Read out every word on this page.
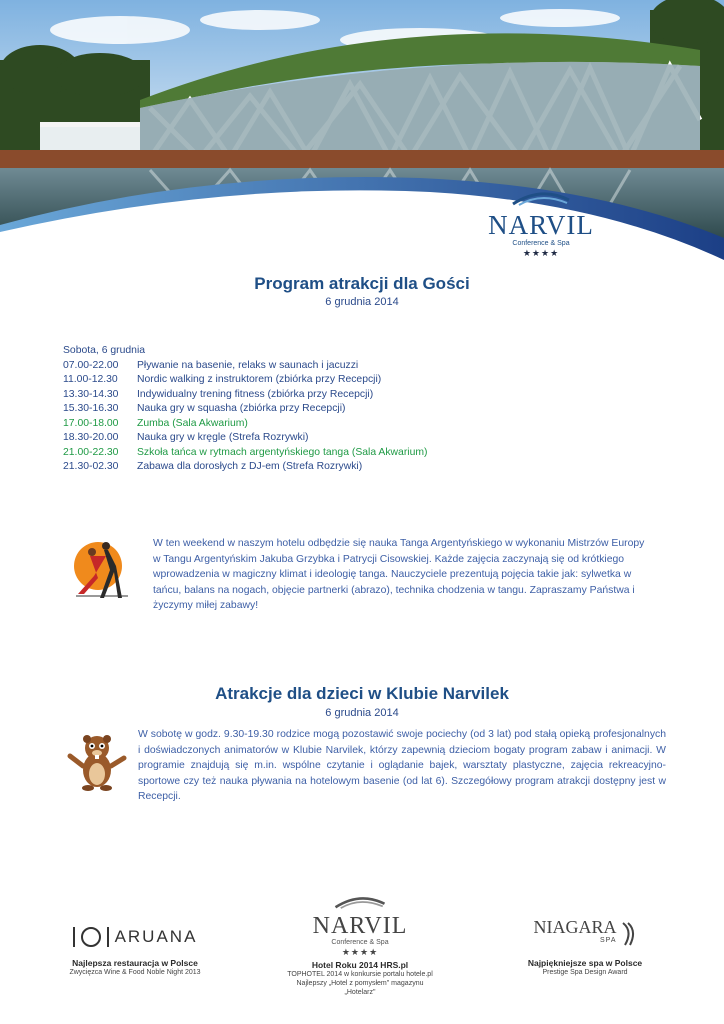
NARVIL
Conference & Spa
★★★★
Program atrakcji dla Gości
6 grudnia 2014
Sobota, 6 grudnia
07.00-22.00	Pływanie na basenie, relaks w saunach i jacuzzi
11.00-12.30	Nordic walking z instruktorem (zbiórka przy Recepcji)
13.30-14.30	Indywidualny trening fitness (zbiórka przy Recepcji)
15.30-16.30	Nauka gry w squasha (zbiórka przy Recepcji)
17.00-18.00	Zumba (Sala Akwarium)
18.30-20.00	Nauka gry w kręgle (Strefa Rozrywki)
21.00-22.30	Szkoła tańca w rytmach argentyńskiego tanga (Sala Akwarium)
21.30-02.30	Zabawa dla dorosłych z DJ-em (Strefa Rozrywki)
W ten weekend w naszym hotelu odbędzie się nauka Tanga Argentyńskiego w wykonaniu Mistrzów Europy w Tangu Argentyńskim Jakuba Grzybka i Patrycji Cisowskiej. Każde zajęcia zaczynają się od krótkiego wprowadzenia w magiczny klimat i ideologię tanga. Nauczyciele prezentują pojęcia takie jak: sylwetka w tańcu, balans na nogach, objęcie partnerki (abrazo), technika chodzenia w tangu. Zapraszamy Państwa i życzymy miłej zabawy!
Atrakcje dla dzieci w Klubie Narvilek
6 grudnia 2014
W sobotę w godz. 9.30-19.30 rodzice mogą pozostawić swoje pociechy (od 3 lat) pod stałą opieką profesjonalnych i doświadczonych animatorów w Klubie Narvilek, którzy zapewnią dzieciom bogaty program zabaw i animacji. W programie znajdują się m.in. wspólne czytanie i oglądanie bajek, warsztaty plastyczne, zajęcia rekreacyjno-sportowe czy też nauka pływania na hotelowym basenie (od lat 6). Szczegółowy program atrakcji dostępny jest w Recepcji.
ARUANA
Najlepsza restauracja w Polsce
Zwycięzca Wine & Food Noble Night 2013
NARVIL
Conference & Spa
★★★★
Hotel Roku 2014 HRS.pl
TOPHOTEL 2014 w konkursie portalu hotele.pl
Najlepszy „Hotel z pomysłem" magazynu „Hotelarz"
NIAGARA
SPA
Najpiękniejsze spa w Polsce
Prestige Spa Design Award
